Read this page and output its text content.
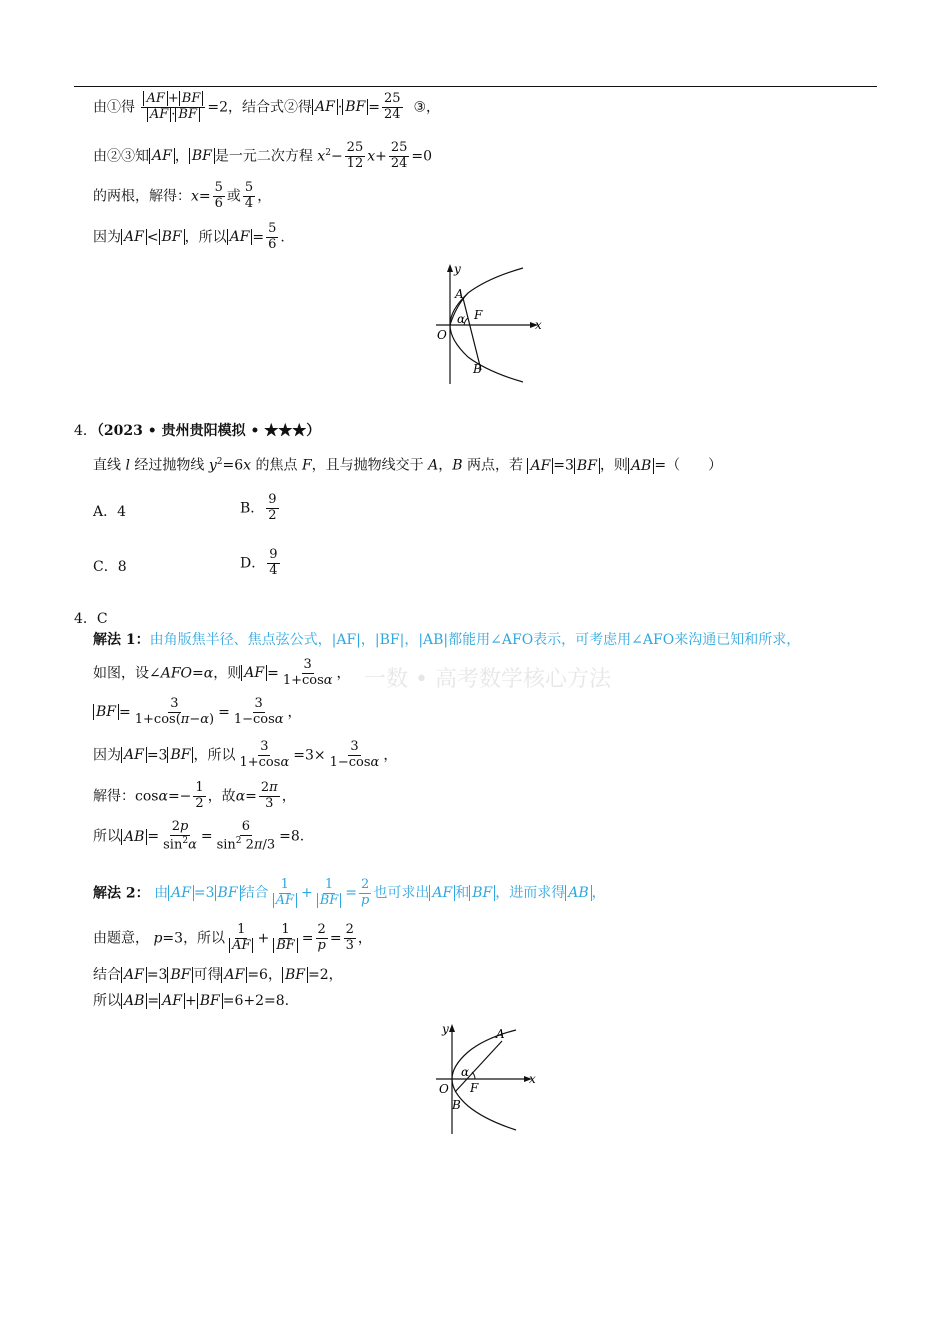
由①得 $\frac{AF + BF}{AF \cdot BF} =2$，结合式②得 AF · BF = $\frac{25}{24}$ ③，
由②③知 AF ， BF 是一元二次方程 $x^2- \frac{25}{12} x+ \frac{25}{24} =0$
的两根，解得：$x= \frac{5}{6}$ 或 $\frac{5}{4}$ ，
因为 AF < BF ，所以 AF = $\frac{5}{6}$ .
y
x
O
A
F
α
B
4．（2023 • 贵州贵阳模拟 • ★★★）
直线 l 经过抛物线 $y^2=6x$ 的焦点 F，且与抛物线交于 A，B 两点，若 AF =3 BF ，则 AB =（　　）
A．4	B． $\frac{9}{2}$
C．8	D． $\frac{9}{4}$
4．C
解法 1：由角版焦半径、焦点弦公式，|AF|，|BF|，|AB|都能用∠AFO表示，可考虑用∠AFO来沟通已知和所求，
一数 • 高考数学核心方法
如图，设∠AFO=α，则 AF = $\frac{3}{1+\cos\alpha}$ ，
BF = $\frac{3}{1+\cos(\pi-\alpha)} = \frac{3}{1-\cos\alpha}$ ，
因为 AF =3 BF ，所以 $\frac{3}{1+\cos\alpha} =3\times \frac{3}{1-\cos\alpha}$ ，
解得：$\cos\alpha=- \frac{1}{2}$ ，故$\alpha= \frac{2\pi}{3}$ ，
所以 AB = $\frac{2p}{\sin^2\alpha} = \frac{6}{\sin^2 2\pi/3} =8$.
解法 2： 由 AF =3 BF 结合 $\frac{1}{AF} + \frac{1}{BF} = \frac{2}{p}$ 也可求出 AF 和 BF ，进而求得 AB ，
由题意， p=3，所以 $\frac{1}{AF} + \frac{1}{BF} = \frac{2}{p} = \frac{2}{3}$ ，
结合 AF =3 BF 可得 AF =6， BF =2，
所以 AB = AF + BF =6+2=8.
y
x
O
A
F
α
B
